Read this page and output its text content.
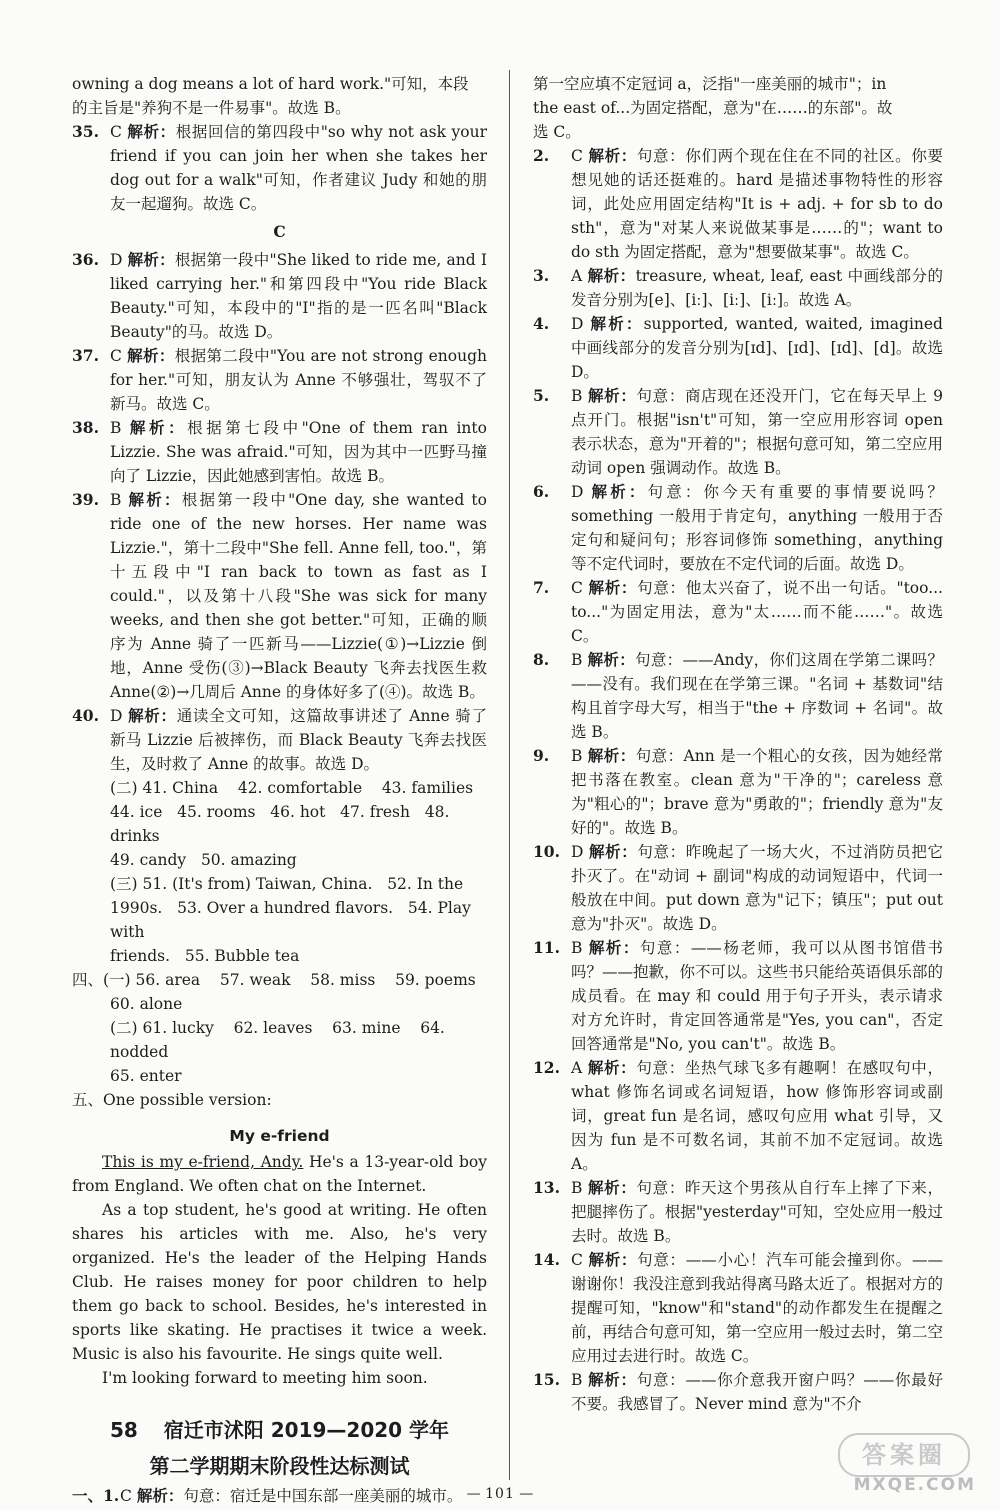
owning a dog means a lot of hard work."可知，本段

的主旨是"养狗不是一件易事"。故选 B。

35. C 解析：根据回信的第四段中"so why not ask your friend if you can join her when she takes her dog out for a walk"可知，作者建议 Judy 和她的朋友一起遛狗。故选 C。

C

36. D 解析：根据第一段中"She liked to ride me, and I liked carrying her."和第四段中"You ride Black Beauty."可知，本段中的"I"指的是一匹名叫"Black Beauty"的马。故选 D。

37. C 解析：根据第二段中"You are not strong enough for her."可知，朋友认为 Anne 不够强壮，驾驭不了新马。故选 C。

38. B 解析：根据第七段中"One of them ran into Lizzie. She was afraid."可知，因为其中一匹野马撞向了 Lizzie，因此她感到害怕。故选 B。

39. B 解析：根据第一段中"One day, she wanted to ride one of the new horses. Her name was Lizzie."，第十二段中"She fell. Anne fell, too."，第十五段中"I ran back to town as fast as I could."，以及第十八段"She was sick for many weeks, and then she got better."可知，正确的顺序为 Anne 骑了一匹新马——Lizzie(①)→Lizzie 倒地，Anne 受伤(③)→Black Beauty 飞奔去找医生救 Anne(②)→几周后 Anne 的身体好多了(④)。故选 B。

40. D 解析：通读全文可知，这篇故事讲述了 Anne 骑了新马 Lizzie 后被摔伤，而 Black Beauty 飞奔去找医生，及时救了 Anne 的故事。故选 D。

(二) 41. China    42. comfortable    43. families

44. ice   45. rooms   46. hot   47. fresh   48. drinks

49. candy   50. amazing

(三) 51. (It's from) Taiwan, China.   52. In the

1990s.   53. Over a hundred flavors.   54. Play with

friends.   55. Bubble tea

四、(一) 56. area    57. weak    58. miss    59. poems

60. alone

(二) 61. lucky    62. leaves    63. mine    64. nodded

65. enter

五、One possible version:

My e-friend

This is my e-friend, Andy. He's a 13-year-old boy from England. We often chat on the Internet.

As a top student, he's good at writing. He often shares his articles with me. Also, he's very organized. He's the leader of the Helping Hands Club. He raises money for poor children to help them go back to school. Besides, he's interested in sports like skating. He practises it twice a week. Music is also his favourite. He sings quite well.

I'm looking forward to meeting him soon.

58 宿迁市沭阳 2019—2020 学年
第二学期期末阶段性达标测试

一、1. C 解析：句意：宿迁是中国东部一座美丽的城市。

第一空应填不定冠词 a，泛指"一座美丽的城市"；in

the east of...为固定搭配，意为"在……的东部"。故

选 C。

2. C 解析：句意：你们两个现在住在不同的社区。你要想见她的话还挺难的。hard 是描述事物特性的形容词，此处应用固定结构"It is + adj. + for sb to do sth"，意为"对某人来说做某事是……的"；want to do sth 为固定搭配，意为"想要做某事"。故选 C。

3. A 解析：treasure, wheat, leaf, east 中画线部分的发音分别为[e]、[iː]、[iː]、[iː]。故选 A。

4. D 解析：supported, wanted, waited, imagined 中画线部分的发音分别为[ɪd]、[ɪd]、[ɪd]、[d]。故选 D。

5. B 解析：句意：商店现在还没开门，它在每天早上 9 点开门。根据"isn't"可知，第一空应用形容词 open 表示状态，意为"开着的"；根据句意可知，第二空应用动词 open 强调动作。故选 B。

6. D 解析：句意：你今天有重要的事情要说吗？something 一般用于肯定句，anything 一般用于否定句和疑问句；形容词修饰 something，anything 等不定代词时，要放在不定代词的后面。故选 D。

7. C 解析：句意：他太兴奋了，说不出一句话。"too... to..."为固定用法，意为"太……而不能……"。故选 C。

8. B 解析：句意：——Andy，你们这周在学第二课吗？——没有。我们现在在学第三课。"名词 + 基数词"结构且首字母大写，相当于"the + 序数词 + 名词"。故选 B。

9. B 解析：句意：Ann 是一个粗心的女孩，因为她经常把书落在教室。clean 意为"干净的"；careless 意为"粗心的"；brave 意为"勇敢的"；friendly 意为"友好的"。故选 B。

10. D 解析：句意：昨晚起了一场大火，不过消防员把它扑灭了。在"动词 + 副词"构成的动词短语中，代词一般放在中间。put down 意为"记下；镇压"；put out 意为"扑灭"。故选 D。

11. B 解析：句意：——杨老师，我可以从图书馆借书吗？——抱歉，你不可以。这些书只能给英语俱乐部的成员看。在 may 和 could 用于句子开头，表示请求对方允许时，肯定回答通常是"Yes, you can"，否定回答通常是"No, you can't"。故选 B。

12. A 解析：句意：坐热气球飞多有趣啊！在感叹句中，what 修饰名词或名词短语，how 修饰形容词或副词，great fun 是名词，感叹句应用 what 引导，又因为 fun 是不可数名词，其前不加不定冠词。故选 A。

13. B 解析：句意：昨天这个男孩从自行车上摔了下来，把腿摔伤了。根据"yesterday"可知，空处应用一般过去时。故选 B。

14. C 解析：句意：——小心！汽车可能会撞到你。——谢谢你！我没注意到我站得离马路太近了。根据对方的提醒可知，"know"和"stand"的动作都发生在提醒之前，再结合句意可知，第一空应用一般过去时，第二空应用过去进行时。故选 C。

15. B 解析：句意：——你介意我开窗户吗？——你最好不要。我感冒了。Never mind 意为"不介

— 101 —
答案圈
MXQE.COM
